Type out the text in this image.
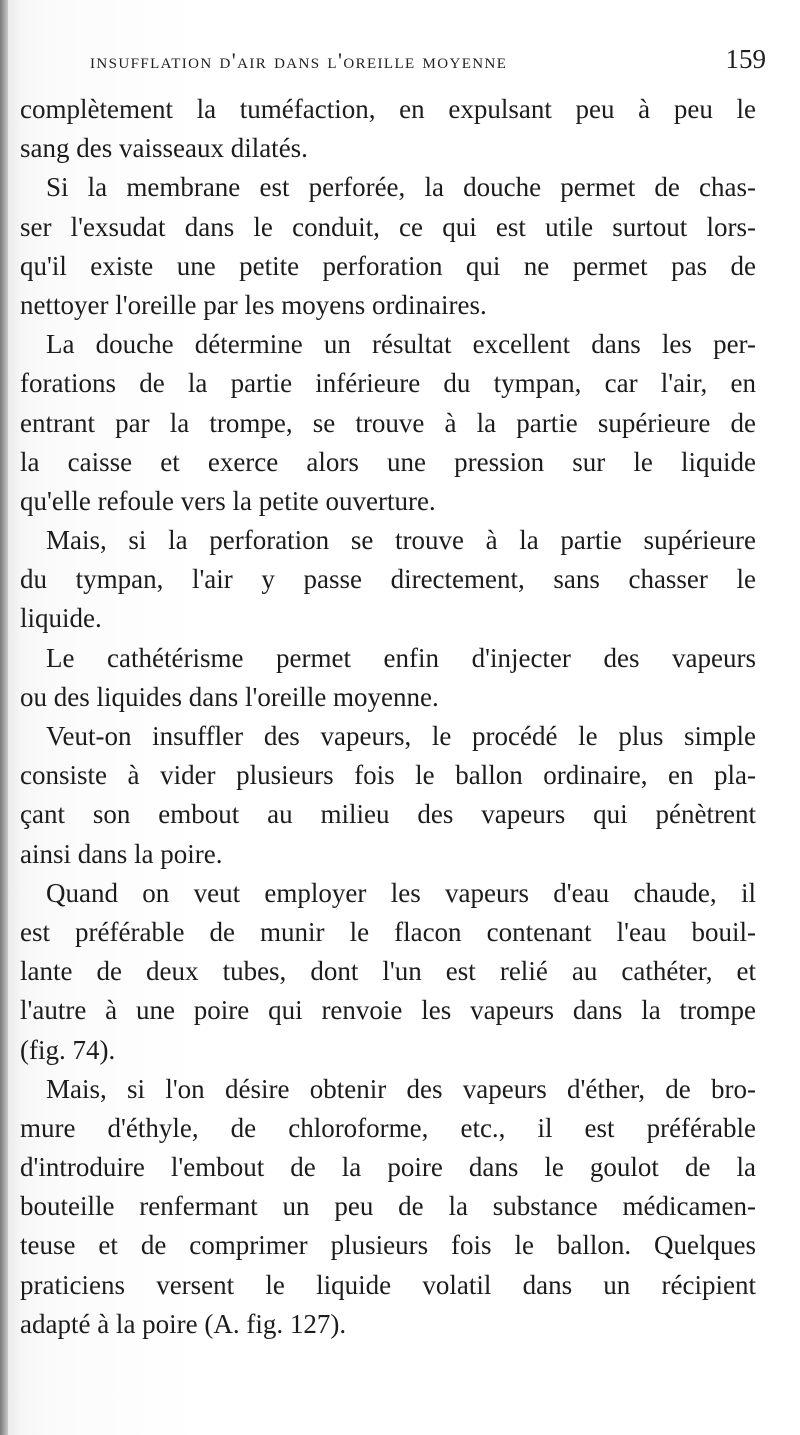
insufflation d'air dans l'oreille moyenne	159
complètement la tuméfaction, en expulsant peu à peu le
sang des vaisseaux dilatés.
Si la membrane est perforée, la douche permet de chas-
ser l'exsudat dans le conduit, ce qui est utile surtout lors-
qu'il existe une petite perforation qui ne permet pas de
nettoyer l'oreille par les moyens ordinaires.
La douche détermine un résultat excellent dans les per-
forations de la partie inférieure du tympan, car l'air, en
entrant par la trompe, se trouve à la partie supérieure de
la caisse et exerce alors une pression sur le liquide
qu'elle refoule vers la petite ouverture.
Mais, si la perforation se trouve à la partie supérieure
du tympan, l'air y passe directement, sans chasser le
liquide.
Le cathétérisme permet enfin d'injecter des vapeurs
ou des liquides dans l'oreille moyenne.
Veut-on insuffler des vapeurs, le procédé le plus simple
consiste à vider plusieurs fois le ballon ordinaire, en pla-
çant son embout au milieu des vapeurs qui pénètrent
ainsi dans la poire.
Quand on veut employer les vapeurs d'eau chaude, il
est préférable de munir le flacon contenant l'eau bouil-
lante de deux tubes, dont l'un est relié au cathéter, et
l'autre à une poire qui renvoie les vapeurs dans la trompe
(fig. 74).
Mais, si l'on désire obtenir des vapeurs d'éther, de bro-
mure d'éthyle, de chloroforme, etc., il est préférable
d'introduire l'embout de la poire dans le goulot de la
bouteille renfermant un peu de la substance médicamen-
teuse et de comprimer plusieurs fois le ballon. Quelques
praticiens versent le liquide volatil dans un récipient
adapté à la poire (A. fig. 127).
